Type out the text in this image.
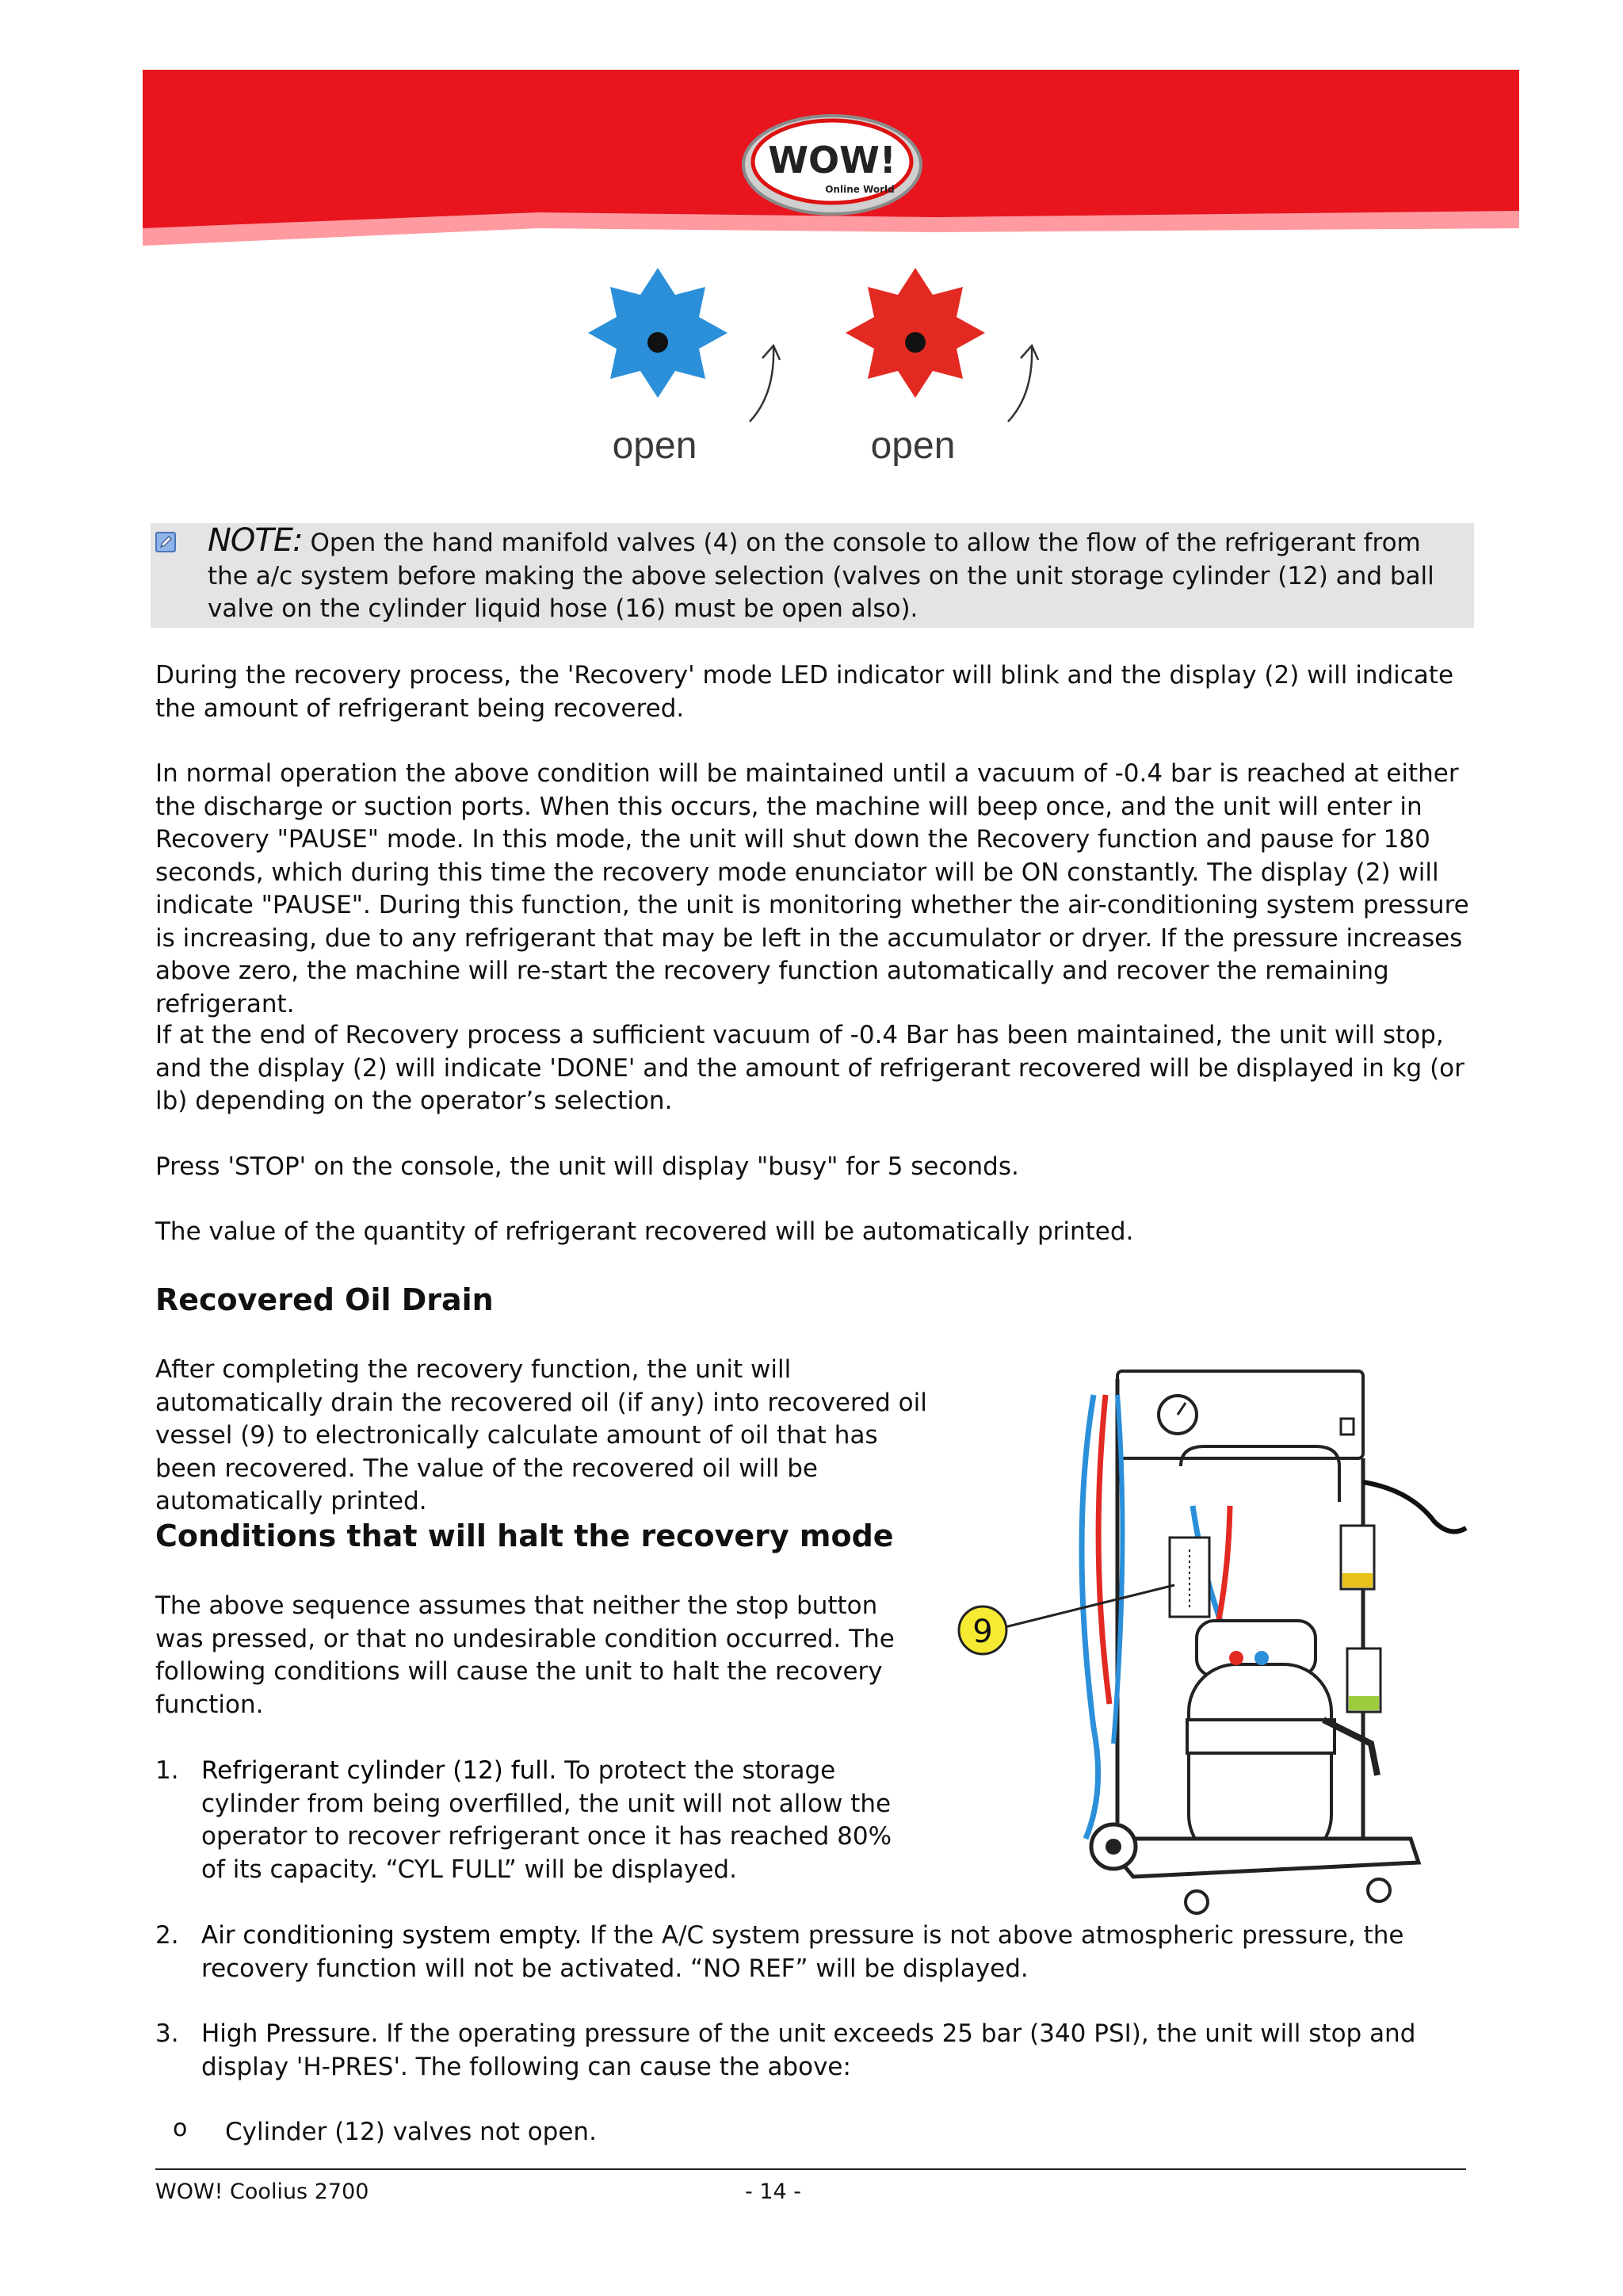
WOW!
Online World
open	open

NOTE: Open the hand manifold valves (4) on the console to allow the flow of the refrigerant from the a/c system before making the above selection (valves on the unit storage cylinder (12) and ball valve on the cylinder liquid hose (16) must be open also).

During the recovery process, the 'Recovery' mode LED indicator will blink and the display (2) will indicate the amount of refrigerant being recovered.

In normal operation the above condition will be maintained until a vacuum of -0.4 bar is reached at either the discharge or suction ports. When this occurs, the machine will beep once, and the unit will enter in Recovery "PAUSE" mode. In this mode, the unit will shut down the Recovery function and pause for 180 seconds, which during this time the recovery mode enunciator will be ON constantly. The display (2) will indicate "PAUSE". During this function, the unit is monitoring whether the air-conditioning system pressure is increasing, due to any refrigerant that may be left in the accumulator or dryer. If the pressure increases above zero, the machine will re-start the recovery function automatically and recover the remaining refrigerant.

If at the end of Recovery process a sufficient vacuum of -0.4 Bar has been maintained, the unit will stop, and the display (2) will indicate 'DONE' and the amount of refrigerant recovered will be displayed in kg (or lb) depending on the operator’s selection.

Press 'STOP' on the console, the unit will display "busy" for 5 seconds.

The value of the quantity of refrigerant recovered will be automatically printed.

Recovered Oil Drain

After completing the recovery function, the unit will automatically drain the recovered oil (if any) into recovered oil vessel (9) to electronically calculate amount of oil that has been recovered. The value of the recovered oil will be automatically printed.

Conditions that will halt the recovery mode

The above sequence assumes that neither the stop button was pressed, or that no undesirable condition occurred. The following conditions will cause the unit to halt the recovery function.

1. Refrigerant cylinder (12) full. To protect the storage cylinder from being overfilled, the unit will not allow the operator to recover refrigerant once it has reached 80% of its capacity. “CYL FULL” will be displayed.

2. Air conditioning system empty. If the A/C system pressure is not above atmospheric pressure, the recovery function will not be activated. “NO REF” will be displayed.

3. High Pressure. If the operating pressure of the unit exceeds 25 bar (340 PSI), the unit will stop and display 'H-PRES'. The following can cause the above:

o Cylinder (12) valves not open.

9
WOW! Coolius 2700	- 14 -
